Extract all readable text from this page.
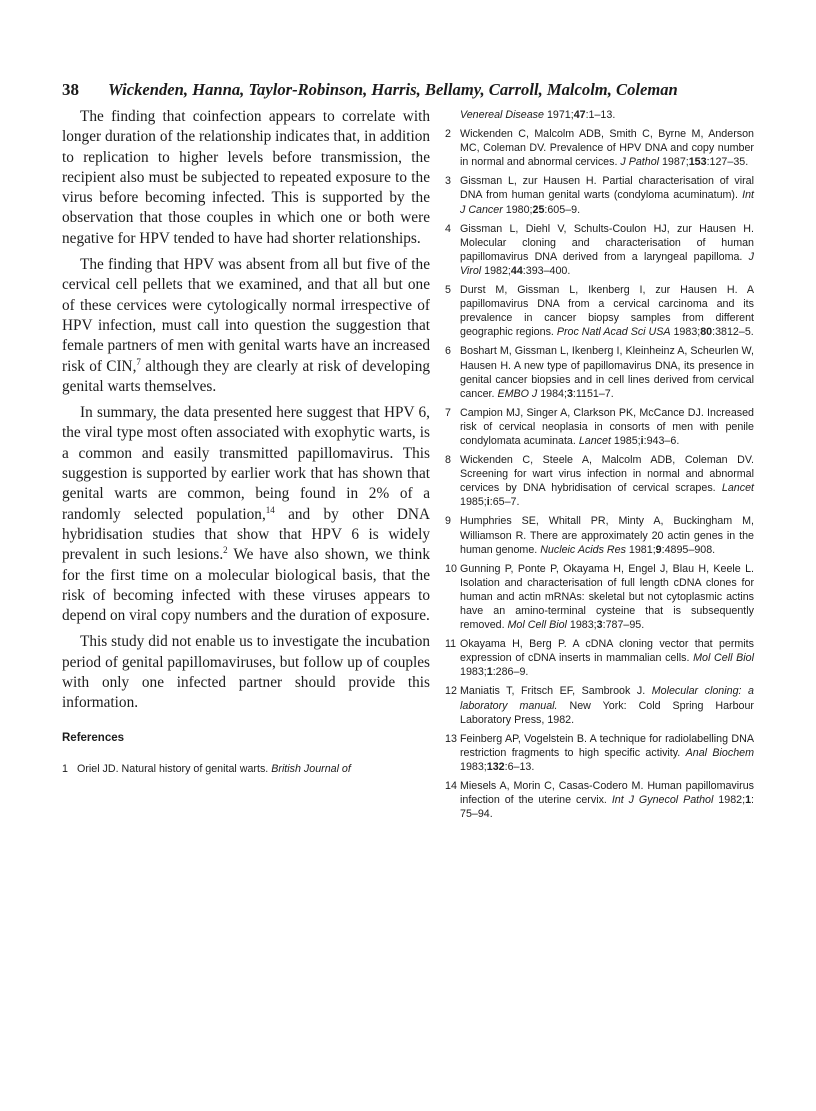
38 Wickenden, Hanna, Taylor-Robinson, Harris, Bellamy, Carroll, Malcolm, Coleman

The finding that coinfection appears to correlate with longer duration of the relationship indicates that, in addition to replication to higher levels before transmission, the recipient also must be subjected to repeated exposure to the virus before becoming infected. This is supported by the observation that those couples in which one or both were negative for HPV tended to have had shorter relationships.

The finding that HPV was absent from all but five of the cervical cell pellets that we examined, and that all but one of these cervices were cytologically normal irrespective of HPV infection, must call into question the suggestion that female partners of men with genital warts have an increased risk of CIN,$^7$ although they are clearly at risk of developing genital warts themselves.

In summary, the data presented here suggest that HPV 6, the viral type most often associated with exophytic warts, is a common and easily transmitted papillomavirus. This suggestion is supported by earlier work that has shown that genital warts are common, being found in 2% of a randomly selected population,$^{14}$ and by other DNA hybridisation studies that show that HPV 6 is widely prevalent in such lesions.$^2$ We have also shown, we think for the first time on a molecular biological basis, that the risk of becoming infected with these viruses appears to depend on viral copy numbers and the duration of exposure.

This study did not enable us to investigate the incubation period of genital papillomaviruses, but follow up of couples with only one infected partner should provide this information.

References
1 Oriel JD. Natural history of genital warts. British Journal of
Venereal Disease 1971;47:1–13.
2 Wickenden C, Malcolm ADB, Smith C, Byrne M, Anderson MC, Coleman DV. Prevalence of HPV DNA and copy number in normal and abnormal cervices. J Pathol 1987;153:127–35.
3 Gissman L, zur Hausen H. Partial characterisation of viral DNA from human genital warts (condyloma acuminatum). Int J Cancer 1980;25:605–9.
4 Gissman L, Diehl V, Schults-Coulon HJ, zur Hausen H. Molecular cloning and characterisation of human papillomavirus DNA derived from a laryngeal papilloma. J Virol 1982;44:393–400.
5 Durst M, Gissman L, Ikenberg I, zur Hausen H. A papillomavirus DNA from a cervical carcinoma and its prevalence in cancer biopsy samples from different geographic regions. Proc Natl Acad Sci USA 1983;80:3812–5.
6 Boshart M, Gissman L, Ikenberg I, Kleinheinz A, Scheurlen W, Hausen H. A new type of papillomavirus DNA, its presence in genital cancer biopsies and in cell lines derived from cervical cancer. EMBO J 1984;3:1151–7.
7 Campion MJ, Singer A, Clarkson PK, McCance DJ. Increased risk of cervical neoplasia in consorts of men with penile condylomata acuminata. Lancet 1985;i:943–6.
8 Wickenden C, Steele A, Malcolm ADB, Coleman DV. Screening for wart virus infection in normal and abnormal cervices by DNA hybridisation of cervical scrapes. Lancet 1985;i:65–7.
9 Humphries SE, Whitall PR, Minty A, Buckingham M, Williamson R. There are approximately 20 actin genes in the human genome. Nucleic Acids Res 1981;9:4895–908.
10 Gunning P, Ponte P, Okayama H, Engel J, Blau H, Keele L. Isolation and characterisation of full length cDNA clones for human and actin mRNAs: skeletal but not cytoplasmic actins have an amino-terminal cysteine that is subsequently removed. Mol Cell Biol 1983;3:787–95.
11 Okayama H, Berg P. A cDNA cloning vector that permits expression of cDNA inserts in mammalian cells. Mol Cell Biol 1983;1:286–9.
12 Maniatis T, Fritsch EF, Sambrook J. Molecular cloning: a laboratory manual. New York: Cold Spring Harbour Laboratory Press, 1982.
13 Feinberg AP, Vogelstein B. A technique for radiolabelling DNA restriction fragments to high specific activity. Anal Biochem 1983;132:6–13.
14 Miesels A, Morin C, Casas-Codero M. Human papillomavirus infection of the uterine cervix. Int J Gynecol Pathol 1982;1: 75–94.
